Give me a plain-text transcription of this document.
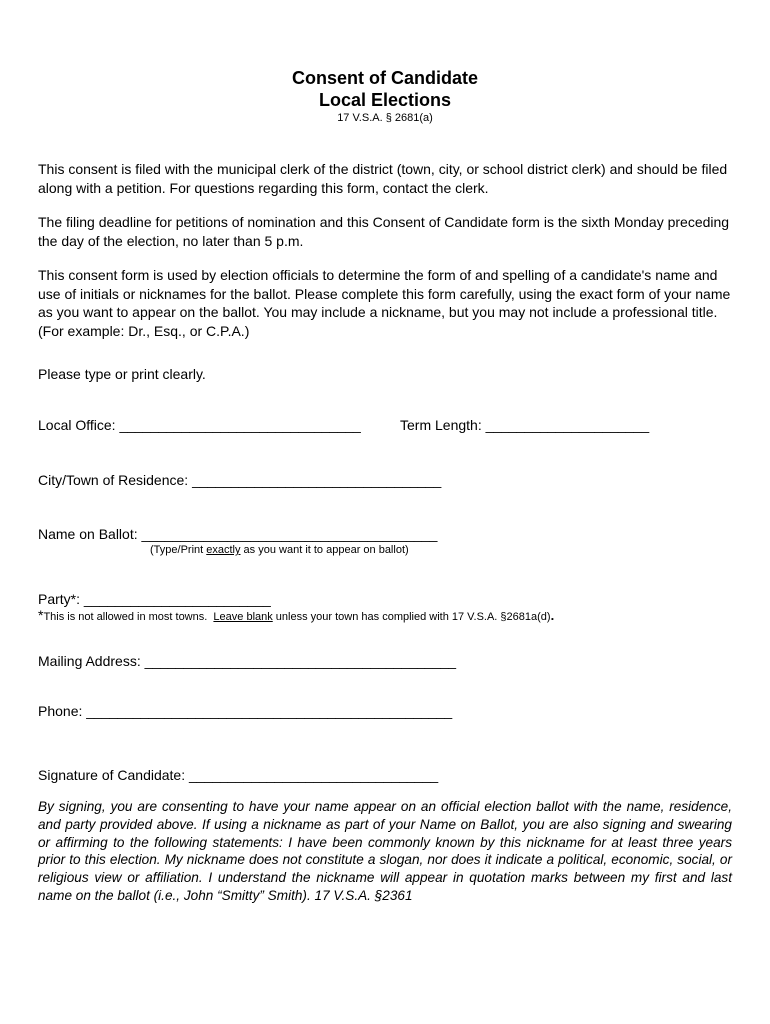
Consent of Candidate
Local Elections
17 V.S.A. § 2681(a)

This consent is filed with the municipal clerk of the district (town, city, or school district clerk) and should be filed along with a petition. For questions regarding this form, contact the clerk.

The filing deadline for petitions of nomination and this Consent of Candidate form is the sixth Monday preceding the day of the election, no later than 5 p.m.

This consent form is used by election officials to determine the form of and spelling of a candidate's name and use of initials or nicknames for the ballot. Please complete this form carefully, using the exact form of your name as you want to appear on the ballot. You may include a nickname, but you may not include a professional title. (For example: Dr., Esq., or C.P.A.)

Please type or print clearly.

Local Office: _______________________________	Term Length: _____________________
City/Town of Residence: ________________________________
Name on Ballot: ______________________________________
(Type/Print exactly as you want it to appear on ballot)
Party*: ________________________
*This is not allowed in most towns.  Leave blank unless your town has complied with 17 V.S.A. §2681a(d).
Mailing Address: ________________________________________
Phone: _______________________________________________
Signature of Candidate: ________________________________

By signing, you are consenting to have your name appear on an official election ballot with the name, residence, and party provided above. If using a nickname as part of your Name on Ballot, you are also signing and swearing or affirming to the following statements: I have been commonly known by this nickname for at least three years prior to this election. My nickname does not constitute a slogan, nor does it indicate a political, economic, social, or religious view or affiliation. I understand the nickname will appear in quotation marks between my first and last name on the ballot (i.e., John “Smitty” Smith). 17 V.S.A. §2361
